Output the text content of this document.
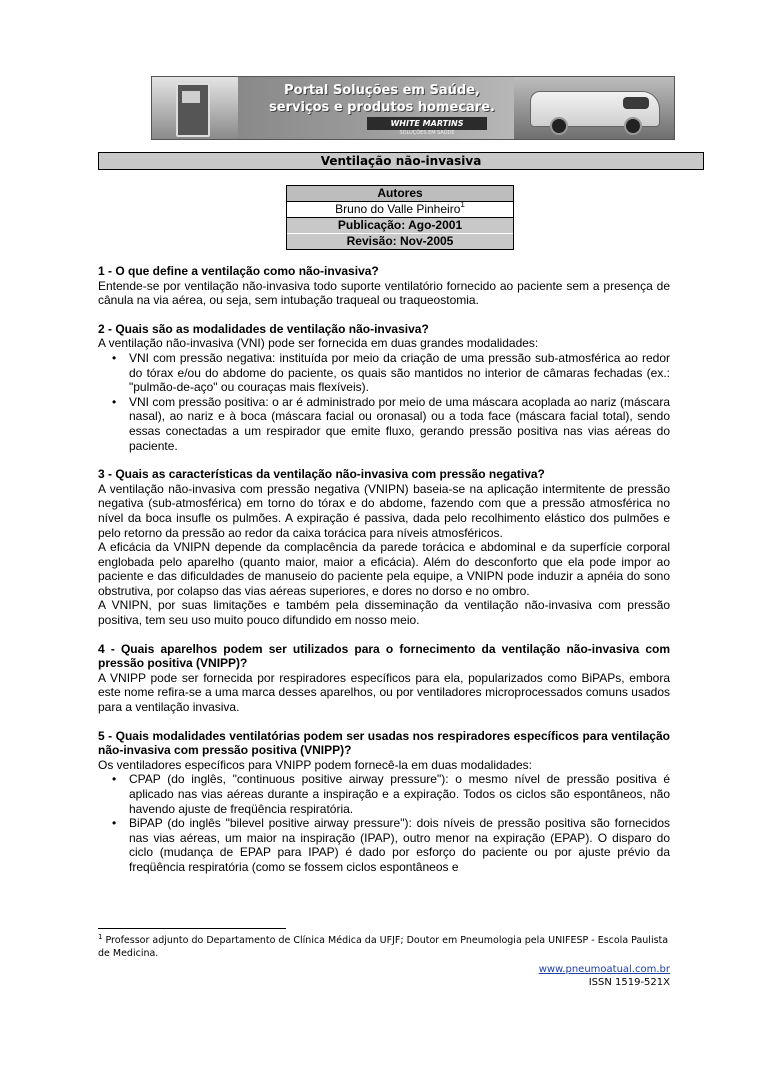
Portal Soluções em Saúde,
serviços e produtos homecare.
WHITE MARTINS
SOLUÇÕES EM SAÚDE
Ventilação não-invasiva
Autores
Bruno do Valle Pinheiro$^1$
Publicação: Ago-2001
Revisão: Nov-2005

1 - O que define a ventilação como não-invasiva?

Entende-se por ventilação não-invasiva todo suporte ventilatório fornecido ao paciente sem a presença de cânula na via aérea, ou seja, sem intubação traqueal ou traqueostomia.

2 - Quais são as modalidades de ventilação não-invasiva?

A ventilação não-invasiva (VNI) pode ser fornecida em duas grandes modalidades:

• VNI com pressão negativa: instituída por meio da criação de uma pressão sub-atmosférica ao redor do tórax e/ou do abdome do paciente, os quais são mantidos no interior de câmaras fechadas (ex.: "pulmão-de-aço" ou couraças mais flexíveis).
• VNI com pressão positiva: o ar é administrado por meio de uma máscara acoplada ao nariz (máscara nasal), ao nariz e à boca (máscara facial ou oronasal) ou a toda face (máscara facial total), sendo essas conectadas a um respirador que emite fluxo, gerando pressão positiva nas vias aéreas do paciente.

3 - Quais as características da ventilação não-invasiva com pressão negativa?

A ventilação não-invasiva com pressão negativa (VNIPN) baseia-se na aplicação intermitente de pressão negativa (sub-atmosférica) em torno do tórax e do abdome, fazendo com que a pressão atmosférica no nível da boca insufle os pulmões. A expiração é passiva, dada pelo recolhimento elástico dos pulmões e pelo retorno da pressão ao redor da caixa torácica para níveis atmosféricos.

A eficácia da VNIPN depende da complacência da parede torácica e abdominal e da superfície corporal englobada pelo aparelho (quanto maior, maior a eficácia). Além do desconforto que ela pode impor ao paciente e das dificuldades de manuseio do paciente pela equipe, a VNIPN pode induzir a apnéia do sono obstrutiva, por colapso das vias aéreas superiores, e dores no dorso e no ombro.

A VNIPN, por suas limitações e também pela disseminação da ventilação não-invasiva com pressão positiva, tem seu uso muito pouco difundido em nosso meio.

4 - Quais aparelhos podem ser utilizados para o fornecimento da ventilação não-invasiva com pressão positiva (VNIPP)?

A VNIPP pode ser fornecida por respiradores específicos para ela, popularizados como BiPAPs, embora este nome refira-se a uma marca desses aparelhos, ou por ventiladores microprocessados comuns usados para a ventilação invasiva.

5 - Quais modalidades ventilatórias podem ser usadas nos respiradores específicos para ventilação não-invasiva com pressão positiva (VNIPP)?

Os ventiladores específicos para VNIPP podem fornecê-la em duas modalidades:

• CPAP (do inglês, "continuous positive airway pressure"): o mesmo nível de pressão positiva é aplicado nas vias aéreas durante a inspiração e a expiração. Todos os ciclos são espontâneos, não havendo ajuste de freqüência respiratória.
• BiPAP (do inglês "bilevel positive airway pressure"): dois níveis de pressão positiva são fornecidos nas vias aéreas, um maior na inspiração (IPAP), outro menor na expiração (EPAP). O disparo do ciclo (mudança de EPAP para IPAP) é dado por esforço do paciente ou por ajuste prévio da freqüência respiratória (como se fossem ciclos espontâneos e
$^1$ Professor adjunto do Departamento de Clínica Médica da UFJF; Doutor em Pneumologia pela UNIFESP - Escola Paulista de Medicina.
www.pneumoatual.com.br
ISSN 1519-521X
